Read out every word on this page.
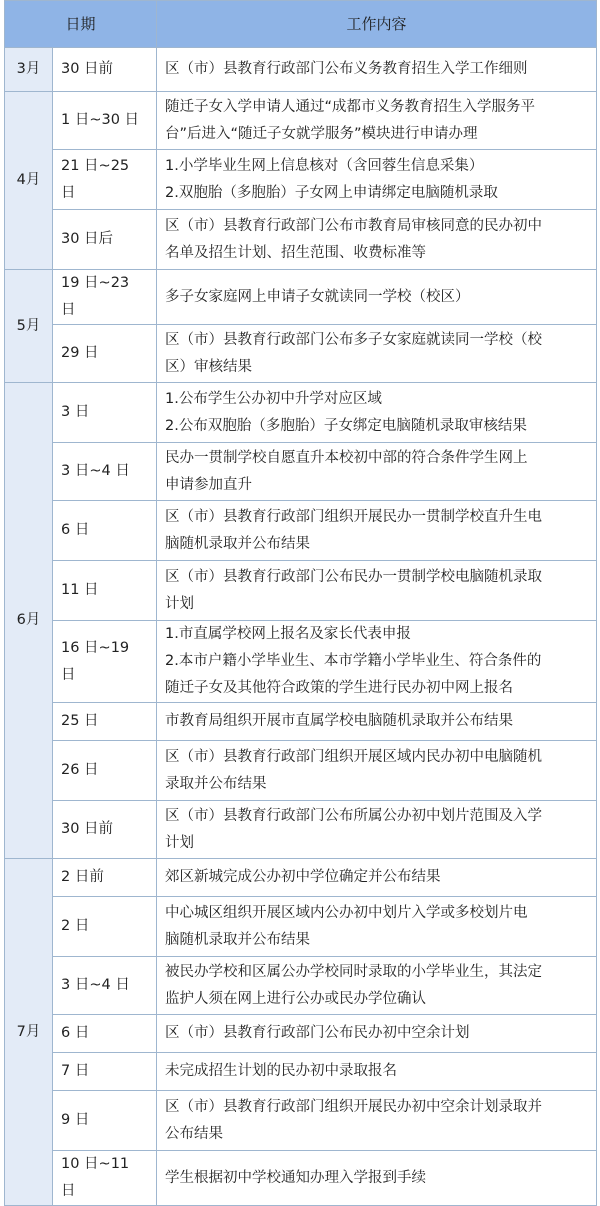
日期		工作内容
3月	30 日前	区（市）县教育行政部门公布义务教育招生入学工作细则

4月	1 日~30 日	随迁子女入学申请人通过“成都市义务教育招生入学服务平
台”后进入“随迁子女就学服务”模块进行申请办理

	21 日~25 日	1.小学毕业生网上信息核对（含回蓉生信息采集）
2.双胞胎（多胞胎）子女网上申请绑定电脑随机录取

	30 日后	区（市）县教育行政部门公布市教育局审核同意的民办初中
名单及招生计划、招生范围、收费标准等

5月	19 日~23 日	多子女家庭网上申请子女就读同一学校（校区）

	29 日	区（市）县教育行政部门公布多子女家庭就读同一学校（校
区）审核结果

6月	3 日	1.公布学生公办初中升学对应区域
2.公布双胞胎（多胞胎）子女绑定电脑随机录取审核结果

	3 日~4 日	民办一贯制学校自愿直升本校初中部的符合条件学生网上
申请参加直升

	6 日	区（市）县教育行政部门组织开展民办一贯制学校直升生电
脑随机录取并公布结果

	11 日	区（市）县教育行政部门公布民办一贯制学校电脑随机录取
计划

	16 日~19 日	1.市直属学校网上报名及家长代表申报
2.本市户籍小学毕业生、本市学籍小学毕业生、符合条件的
随迁子女及其他符合政策的学生进行民办初中网上报名

	25 日	市教育局组织开展市直属学校电脑随机录取并公布结果

	26 日	区（市）县教育行政部门组织开展区域内民办初中电脑随机
录取并公布结果

	30 日前	区（市）县教育行政部门公布所属公办初中划片范围及入学
计划

7月	2 日前	郊区新城完成公办初中学位确定并公布结果

	2 日	中心城区组织开展区域内公办初中划片入学或多校划片电
脑随机录取并公布结果

	3 日~4 日	被民办学校和区属公办学校同时录取的小学毕业生，其法定
监护人须在网上进行公办或民办学位确认

	6 日	区（市）县教育行政部门公布民办初中空余计划

	7 日	未完成招生计划的民办初中录取报名

	9 日	区（市）县教育行政部门组织开展民办初中空余计划录取并
公布结果

	10 日~11 日	学生根据初中学校通知办理入学报到手续
